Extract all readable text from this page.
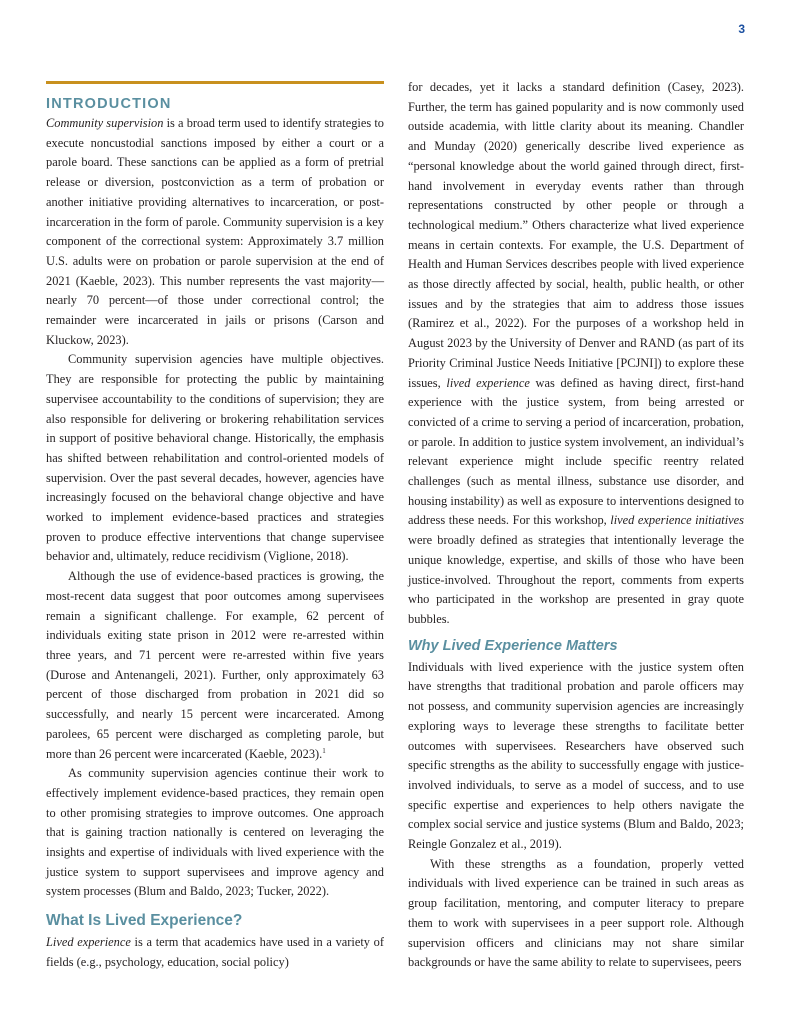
3
INTRODUCTION

Community supervision is a broad term used to identify strategies to execute noncustodial sanctions imposed by either a court or a parole board. These sanctions can be applied as a form of pretrial release or diversion, postconviction as a term of probation or another initiative providing alternatives to incarceration, or post-incarceration in the form of parole. Community supervision is a key component of the correctional system: Approximately 3.7 million U.S. adults were on probation or parole supervision at the end of 2021 (Kaeble, 2023). This number represents the vast majority—nearly 70 percent—of those under correctional control; the remainder were incarcerated in jails or prisons (Carson and Kluckow, 2023).

Community supervision agencies have multiple objectives. They are responsible for protecting the public by maintaining supervisee accountability to the conditions of supervision; they are also responsible for delivering or brokering rehabilitation services in support of positive behavioral change. Historically, the emphasis has shifted between rehabilitation and control-oriented models of supervision. Over the past several decades, however, agencies have increasingly focused on the behavioral change objective and have worked to implement evidence-based practices and strategies proven to produce effective interventions that change supervisee behavior and, ultimately, reduce recidivism (Viglione, 2018).

Although the use of evidence-based practices is growing, the most-recent data suggest that poor outcomes among supervisees remain a significant challenge. For example, 62 percent of individuals exiting state prison in 2012 were re-arrested within three years, and 71 percent were re-arrested within five years (Durose and Antenangeli, 2021). Further, only approximately 63 percent of those discharged from probation in 2021 did so successfully, and nearly 15 percent were incarcerated. Among parolees, 65 percent were discharged as completing parole, but more than 26 percent were incarcerated (Kaeble, 2023).$^1$

As community supervision agencies continue their work to effectively implement evidence-based practices, they remain open to other promising strategies to improve outcomes. One approach that is gaining traction nationally is centered on leveraging the insights and expertise of individuals with lived experience with the justice system to support supervisees and improve agency and system processes (Blum and Baldo, 2023; Tucker, 2022).

What Is Lived Experience?

Lived experience is a term that academics have used in a variety of fields (e.g., psychology, education, social policy)

for decades, yet it lacks a standard definition (Casey, 2023). Further, the term has gained popularity and is now commonly used outside academia, with little clarity about its meaning. Chandler and Munday (2020) generically describe lived experience as “personal knowledge about the world gained through direct, first-hand involvement in everyday events rather than through representations constructed by other people or through a technological medium.” Others characterize what lived experience means in certain contexts. For example, the U.S. Department of Health and Human Services describes people with lived experience as those directly affected by social, health, public health, or other issues and by the strategies that aim to address those issues (Ramirez et al., 2022). For the purposes of a workshop held in August 2023 by the University of Denver and RAND (as part of its Priority Criminal Justice Needs Initiative [PCJNI]) to explore these issues, lived experience was defined as having direct, first-hand experience with the justice system, from being arrested or convicted of a crime to serving a period of incarceration, probation, or parole. In addition to justice system involvement, an individual’s relevant experience might include specific reentry related challenges (such as mental illness, substance use disorder, and housing instability) as well as exposure to interventions designed to address these needs. For this workshop, lived experience initiatives were broadly defined as strategies that intentionally leverage the unique knowledge, expertise, and skills of those who have been justice-involved. Throughout the report, comments from experts who participated in the workshop are presented in gray quote bubbles.

Why Lived Experience Matters

Individuals with lived experience with the justice system often have strengths that traditional probation and parole officers may not possess, and community supervision agencies are increasingly exploring ways to leverage these strengths to facilitate better outcomes with supervisees. Researchers have observed such specific strengths as the ability to successfully engage with justice-involved individuals, to serve as a model of success, and to use specific expertise and experiences to help others navigate the complex social service and justice systems (Blum and Baldo, 2023; Reingle Gonzalez et al., 2019).

With these strengths as a foundation, properly vetted individuals with lived experience can be trained in such areas as group facilitation, mentoring, and computer literacy to prepare them to work with supervisees in a peer support role. Although supervision officers and clinicians may not share similar backgrounds or have the same ability to relate to supervisees, peers
